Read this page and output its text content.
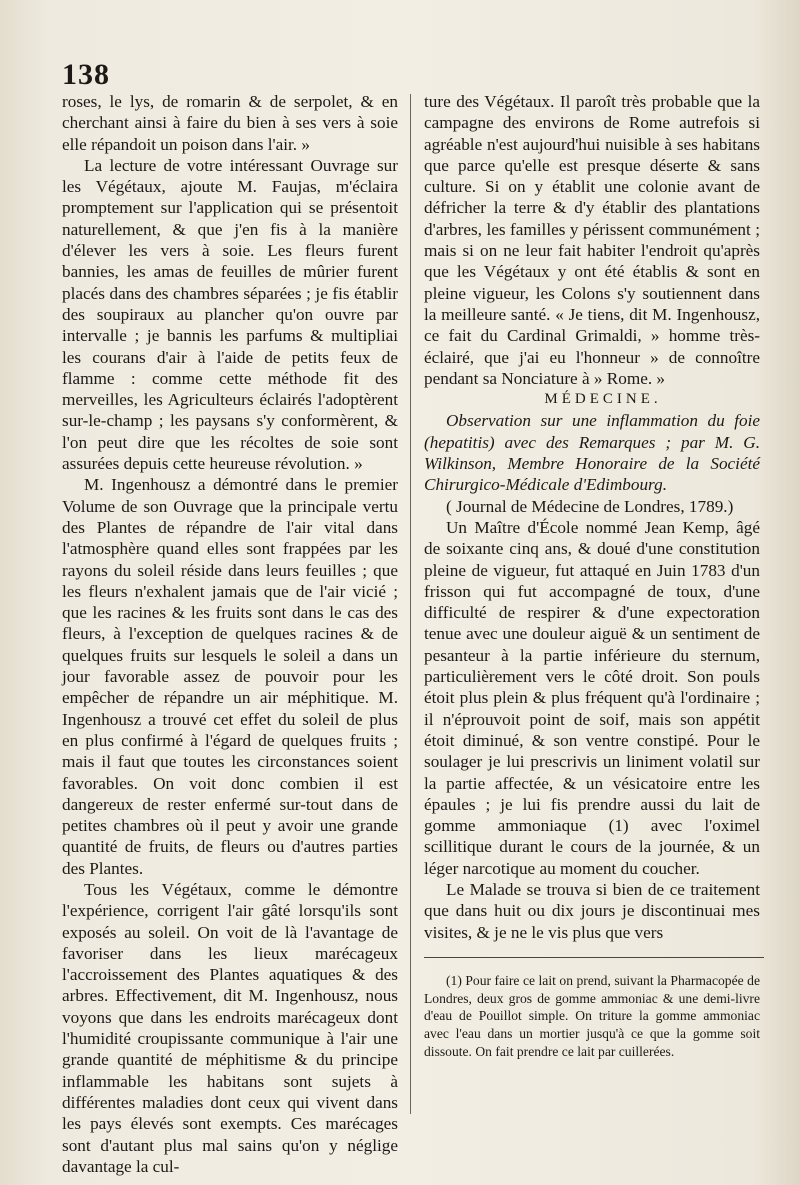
138

roses, le lys, de romarin & de serpolet, & en cherchant ainsi à faire du bien à ses vers à soie elle répandoit un poison dans l'air. »

La lecture de votre intéressant Ouvrage sur les Végétaux, ajoute M. Faujas, m'éclaira promptement sur l'application qui se présentoit naturellement, & que j'en fis à la manière d'élever les vers à soie. Les fleurs furent bannies, les amas de feuilles de mûrier furent placés dans des chambres séparées ; je fis établir des soupiraux au plancher qu'on ouvre par intervalle ; je bannis les parfums & multipliai les courans d'air à l'aide de petits feux de flamme : comme cette méthode fit des merveilles, les Agriculteurs éclairés l'adoptèrent sur-le-champ ; les paysans s'y conformèrent, & l'on peut dire que les récoltes de soie sont assurées depuis cette heureuse révolution. »

M. Ingenhousz a démontré dans le premier Volume de son Ouvrage que la principale vertu des Plantes de répandre de l'air vital dans l'atmosphère quand elles sont frappées par les rayons du soleil réside dans leurs feuilles ; que les fleurs n'exhalent jamais que de l'air vicié ; que les racines & les fruits sont dans le cas des fleurs, à l'exception de quelques racines & de quelques fruits sur lesquels le soleil a dans un jour favorable assez de pouvoir pour les empêcher de répandre un air méphitique. M. Ingenhousz a trouvé cet effet du soleil de plus en plus confirmé à l'égard de quelques fruits ; mais il faut que toutes les circonstances soient favorables. On voit donc combien il est dangereux de rester enfermé sur-tout dans de petites chambres où il peut y avoir une grande quantité de fruits, de fleurs ou d'autres parties des Plantes.

Tous les Végétaux, comme le démontre l'expérience, corrigent l'air gâté lorsqu'ils sont exposés au soleil. On voit de là l'avantage de favoriser dans les lieux marécageux l'accroissement des Plantes aquatiques & des arbres. Effectivement, dit M. Ingenhousz, nous voyons que dans les endroits marécageux dont l'humidité croupissante communique à l'air une grande quantité de méphitisme & du principe inflammable les habitans sont sujets à différentes maladies dont ceux qui vivent dans les pays élevés sont exempts. Ces marécages sont d'autant plus mal sains qu'on y néglige davantage la cul-

ture des Végétaux. Il paroît très probable que la campagne des environs de Rome autrefois si agréable n'est aujourd'hui nuisible à ses habitans que parce qu'elle est presque déserte & sans culture. Si on y établit une colonie avant de défricher la terre & d'y établir des plantations d'arbres, les familles y périssent communément ; mais si on ne leur fait habiter l'endroit qu'après que les Végétaux y ont été établis & sont en pleine vigueur, les Colons s'y soutiennent dans la meilleure santé. « Je tiens, dit M. Ingenhousz, ce fait du Cardinal Grimaldi, » homme très-éclairé, que j'ai eu l'honneur » de connoître pendant sa Nonciature à » Rome. »

MÉDECINE.

Observation sur une inflammation du foie (hepatitis) avec des Remarques ; par M. G. Wilkinson, Membre Honoraire de la Société Chirurgico-Médicale d'Edimbourg.

( Journal de Médecine de Londres, 1789.)

Un Maître d'École nommé Jean Kemp, âgé de soixante cinq ans, & doué d'une constitution pleine de vigueur, fut attaqué en Juin 1783 d'un frisson qui fut accompagné de toux, d'une difficulté de respirer & d'une expectoration tenue avec une douleur aiguë & un sentiment de pesanteur à la partie inférieure du sternum, particulièrement vers le côté droit. Son pouls étoit plus plein & plus fréquent qu'à l'ordinaire ; il n'éprouvoit point de soif, mais son appétit étoit diminué, & son ventre constipé. Pour le soulager je lui prescrivis un liniment volatil sur la partie affectée, & un vésicatoire entre les épaules ; je lui fis prendre aussi du lait de gomme ammoniaque (1) avec l'oximel scillitique durant le cours de la journée, & un léger narcotique au moment du coucher.

Le Malade se trouva si bien de ce traitement que dans huit ou dix jours je discontinuai mes visites, & je ne le vis plus que vers

(1) Pour faire ce lait on prend, suivant la Pharmacopée de Londres, deux gros de gomme ammoniac & une demi-livre d'eau de Pouillot simple. On triture la gomme ammoniac avec l'eau dans un mortier jusqu'à ce que la gomme soit dissoute. On fait prendre ce lait par cuillerées.
